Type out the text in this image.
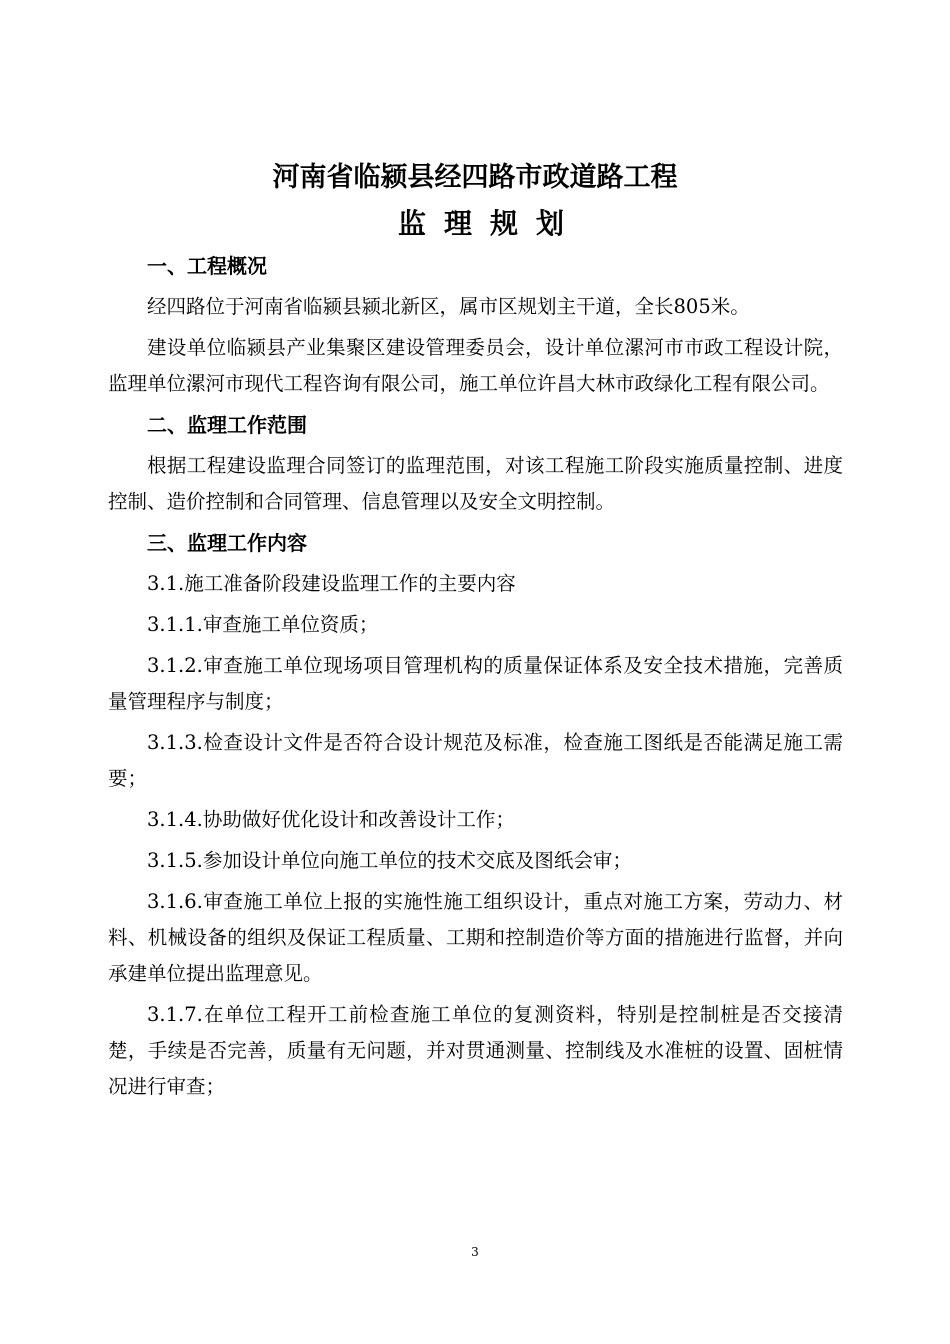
河南省临颍县经四路市政道路工程
监理规划
一、工程概况
经四路位于河南省临颍县颍北新区，属市区规划主干道，全长805米。
建设单位临颍县产业集聚区建设管理委员会，设计单位漯河市市政工程设计院，监理单位漯河市现代工程咨询有限公司，施工单位许昌大林市政绿化工程有限公司。
二、监理工作范围
根据工程建设监理合同签订的监理范围，对该工程施工阶段实施质量控制、进度控制、造价控制和合同管理、信息管理以及安全文明控制。
三、监理工作内容
3.1.施工准备阶段建设监理工作的主要内容
3.1.1.审查施工单位资质；
3.1.2.审查施工单位现场项目管理机构的质量保证体系及安全技术措施，完善质量管理程序与制度；
3.1.3.检查设计文件是否符合设计规范及标准，检查施工图纸是否能满足施工需要；
3.1.4.协助做好优化设计和改善设计工作；
3.1.5.参加设计单位向施工单位的技术交底及图纸会审；
3.1.6.审查施工单位上报的实施性施工组织设计，重点对施工方案，劳动力、材料、机械设备的组织及保证工程质量、工期和控制造价等方面的措施进行监督，并向承建单位提出监理意见。
3.1.7.在单位工程开工前检查施工单位的复测资料，特别是控制桩是否交接清楚，手续是否完善，质量有无问题，并对贯通测量、控制线及水准桩的设置、固桩情况进行审查；
3
